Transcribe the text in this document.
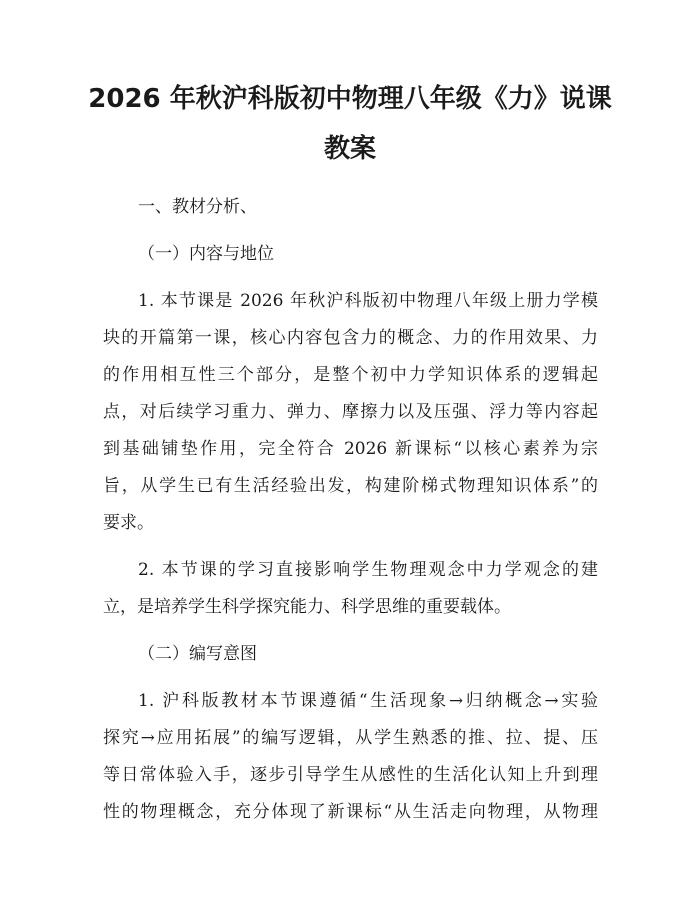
2026 年秋沪科版初中物理八年级《力》说课
教案
一、教材分析、
（一）内容与地位
1. 本节课是 2026 年秋沪科版初中物理八年级上册力学模
块的开篇第一课，核心内容包含力的概念、力的作用效果、力
的作用相互性三个部分，是整个初中力学知识体系的逻辑起
点，对后续学习重力、弹力、摩擦力以及压强、浮力等内容起
到基础铺垫作用，完全符合 2026 新课标“以核心素养为宗
旨，从学生已有生活经验出发，构建阶梯式物理知识体系”的
要求。
2. 本节课的学习直接影响学生物理观念中力学观念的建
立，是培养学生科学探究能力、科学思维的重要载体。
（二）编写意图
1. 沪科版教材本节课遵循“生活现象→归纳概念→实验
探究→应用拓展”的编写逻辑，从学生熟悉的推、拉、提、压
等日常体验入手，逐步引导学生从感性的生活化认知上升到理
性的物理概念，充分体现了新课标“从生活走向物理，从物理
